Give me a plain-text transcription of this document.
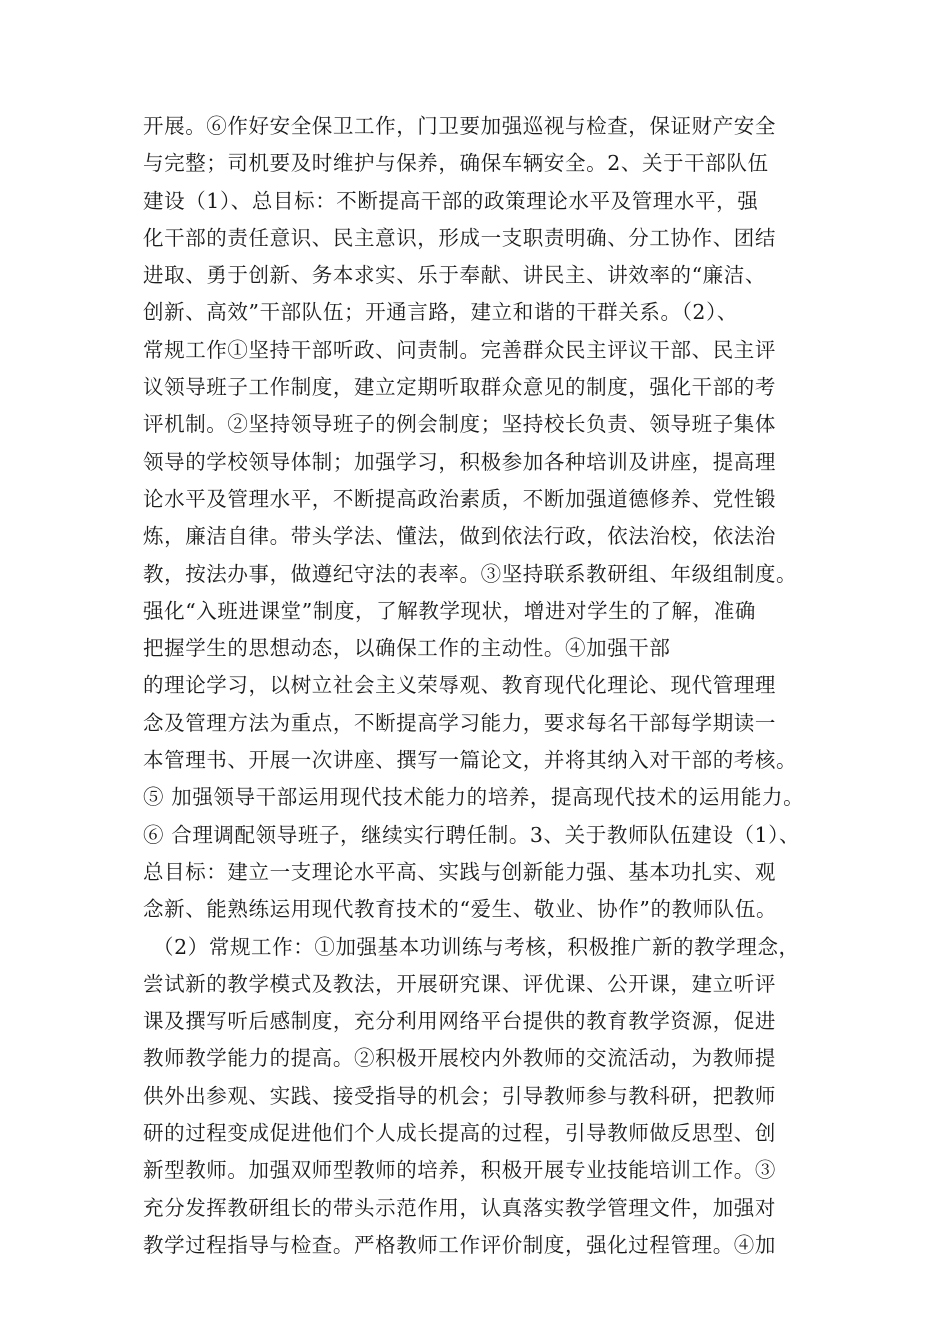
开展。⑥作好安全保卫工作，门卫要加强巡视与检查，保证财产安全
与完整；司机要及时维护与保养，确保车辆安全。2、关于干部队伍
建设（1）、总目标：不断提高干部的政策理论水平及管理水平，强
化干部的责任意识、民主意识，形成一支职责明确、分工协作、团结
进取、勇于创新、务本求实、乐于奉献、讲民主、讲效率的“廉洁、
创新、高效”干部队伍；开通言路，建立和谐的干群关系。（2）、
常规工作①坚持干部听政、问责制。完善群众民主评议干部、民主评
议领导班子工作制度，建立定期听取群众意见的制度，强化干部的考
评机制。②坚持领导班子的例会制度；坚持校长负责、领导班子集体
领导的学校领导体制；加强学习，积极参加各种培训及讲座，提高理
论水平及管理水平，不断提高政治素质，不断加强道德修养、党性锻
炼，廉洁自律。带头学法、懂法，做到依法行政，依法治校，依法治
教，按法办事，做遵纪守法的表率。③坚持联系教研组、年级组制度。
强化“入班进课堂”制度，了解教学现状，增进对学生的了解，准确
把握学生的思想动态，以确保工作的主动性。④加强干部
的理论学习，以树立社会主义荣辱观、教育现代化理论、现代管理理
念及管理方法为重点，不断提高学习能力，要求每名干部每学期读一
本管理书、开展一次讲座、撰写一篇论文，并将其纳入对干部的考核。
⑤ 加强领导干部运用现代技术能力的培养，提高现代技术的运用能力。
⑥ 合理调配领导班子，继续实行聘任制。3、关于教师队伍建设（1）、
总目标：建立一支理论水平高、实践与创新能力强、基本功扎实、观
念新、能熟练运用现代教育技术的“爱生、敬业、协作”的教师队伍。
（2）常规工作：①加强基本功训练与考核，积极推广新的教学理念，
尝试新的教学模式及教法，开展研究课、评优课、公开课，建立听评
课及撰写听后感制度，充分利用网络平台提供的教育教学资源，促进
教师教学能力的提高。②积极开展校内外教师的交流活动，为教师提
供外出参观、实践、接受指导的机会；引导教师参与教科研，把教师
研的过程变成促进他们个人成长提高的过程，引导教师做反思型、创
新型教师。加强双师型教师的培养，积极开展专业技能培训工作。③
充分发挥教研组长的带头示范作用，认真落实教学管理文件，加强对
教学过程指导与检查。严格教师工作评价制度，强化过程管理。④加
